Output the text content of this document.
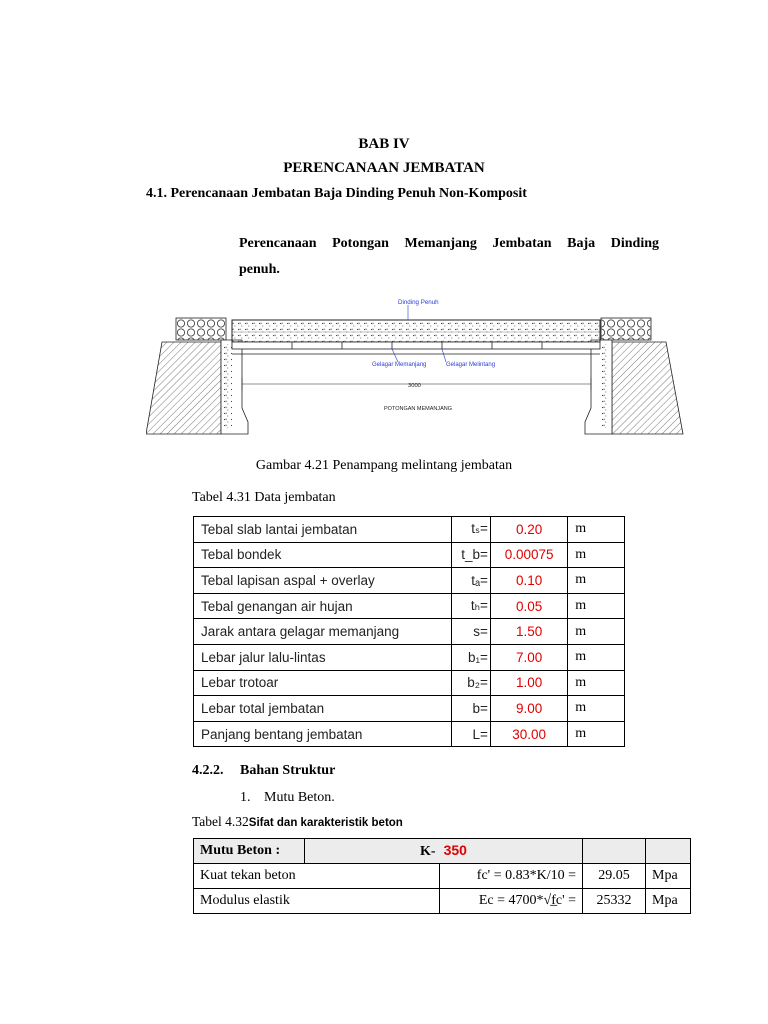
BAB IV
PERENCANAAN JEMBATAN
4.1. Perencanaan Jembatan Baja Dinding Penuh Non-Komposit
Perencanaan Potongan Memanjang Jembatan Baja Dinding
penuh.
Dinding Penuh
Gelagar Memanjang	Gelagar Melintang
3000
POTONGAN MEMANJANG
Gambar 4.21 Penampang melintang jembatan
Tabel 4.31 Data jembatan
Tebal slab lantai jembatan	tₛ=	0.20	m
Tebal bondek	t_b=	0.00075	m
Tebal lapisan aspal + overlay	tₐ=	0.10	m
Tebal genangan air hujan	tₕ=	0.05	m
Jarak antara gelagar memanjang	s=	1.50	m
Lebar jalur lalu-lintas	b₁=	7.00	m
Lebar trotoar	b₂=	1.00	m
Lebar total jembatan	b=	9.00	m
Panjang bentang jembatan	L=	30.00	m
4.2.2. Bahan Struktur
1. Mutu Beton.
Tabel 4.32Sifat dan karakteristik beton
Mutu Beton :	K- 350			
Kuat tekan beton		fc' = 0.83*K/10 =	29.05	Mpa
Modulus elastik		Ec = 4700*√f̲c' =	25332	Mpa
